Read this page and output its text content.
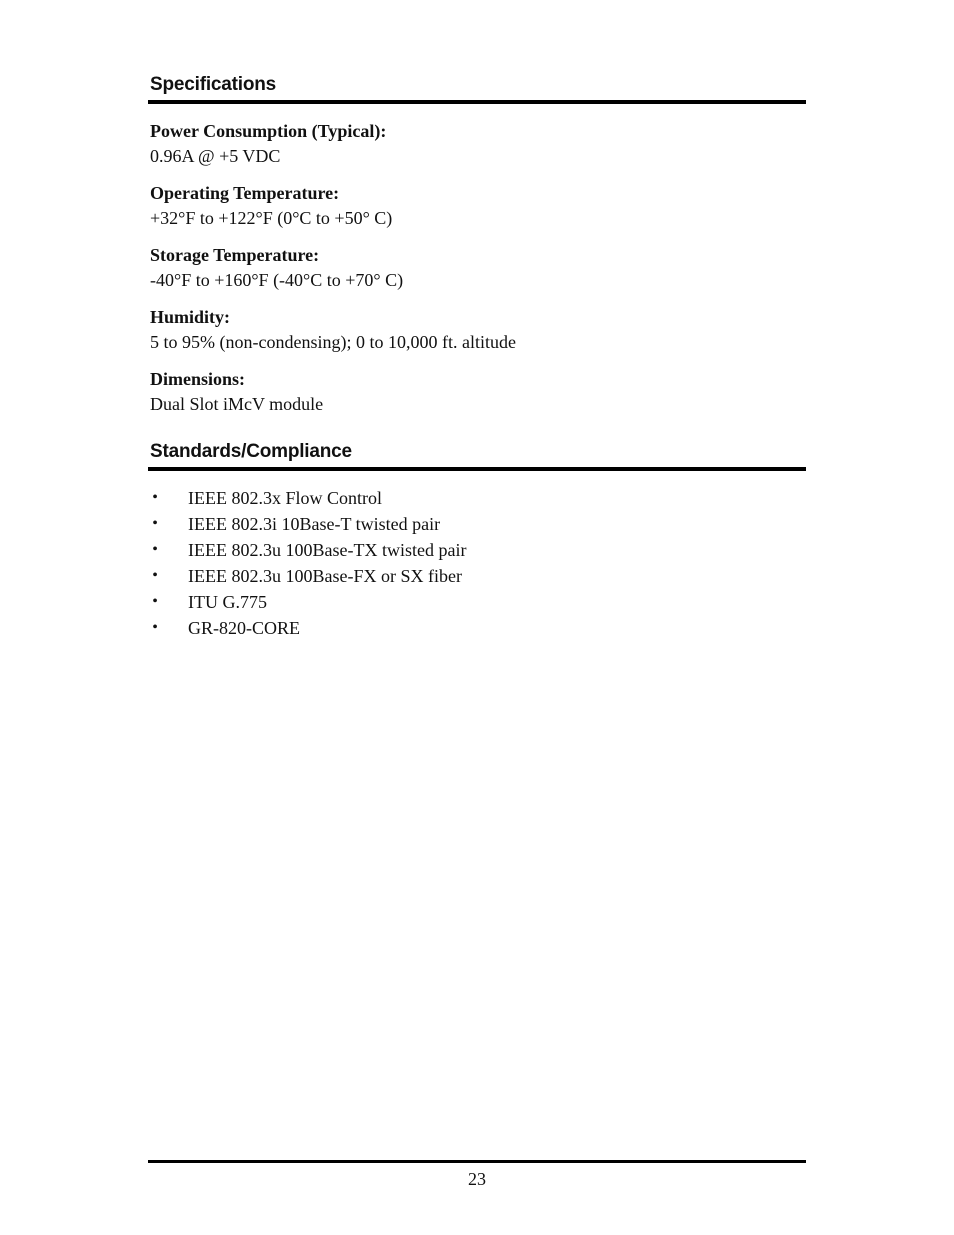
Specifications
Power Consumption (Typical):
0.96A @ +5 VDC
Operating Temperature:
+32°F to +122°F (0°C to +50° C)
Storage Temperature:
-40°F to +160°F (-40°C to +70° C)
Humidity:
5 to 95% (non-condensing); 0 to 10,000 ft. altitude
Dimensions:
Dual Slot iMcV module
Standards/Compliance
• IEEE 802.3x Flow Control
• IEEE 802.3i 10Base-T twisted pair
• IEEE 802.3u 100Base-TX twisted pair
• IEEE 802.3u 100Base-FX or SX fiber
• ITU G.775
• GR-820-CORE
23
